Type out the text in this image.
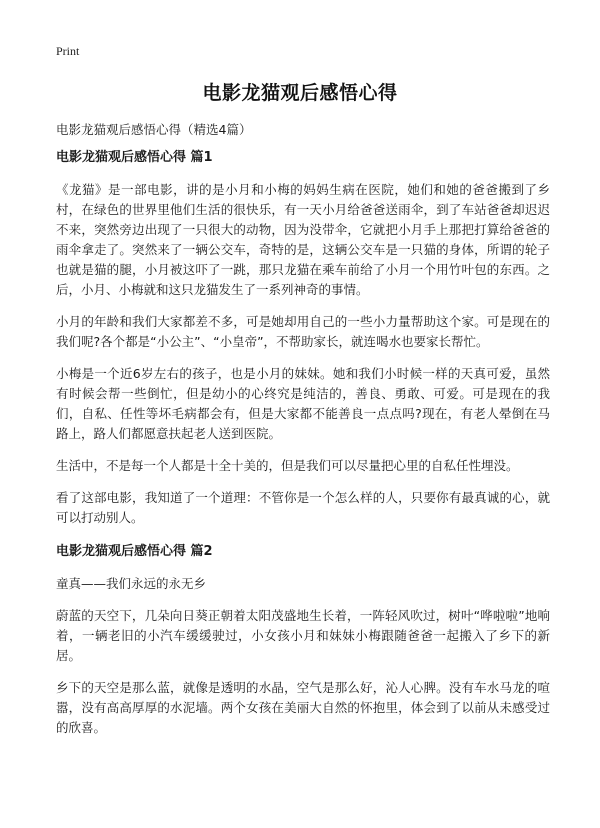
Print
电影龙猫观后感悟心得

电影龙猫观后感悟心得（精选4篇）

电影龙猫观后感悟心得 篇1

《龙猫》是一部电影，讲的是小月和小梅的妈妈生病在医院，她们和她的爸爸搬到了乡村，在绿色的世界里他们生活的很快乐，有一天小月给爸爸送雨伞，到了车站爸爸却迟迟不来，突然旁边出现了一只很大的动物，因为没带伞，它就把小月手上那把打算给爸爸的雨伞拿走了。突然来了一辆公交车，奇特的是，这辆公交车是一只猫的身体，所谓的轮子也就是猫的腿，小月被这吓了一跳，那只龙猫在乘车前给了小月一个用竹叶包的东西。之后，小月、小梅就和这只龙猫发生了一系列神奇的事情。

小月的年龄和我们大家都差不多，可是她却用自己的一些小力量帮助这个家。可是现在的我们呢?各个都是“小公主”、“小皇帝”，不帮助家长，就连喝水也要家长帮忙。

小梅是一个近6岁左右的孩子，也是小月的妹妹。她和我们小时候一样的天真可爱，虽然有时候会帮一些倒忙，但是幼小的心终究是纯洁的，善良、勇敢、可爱。可是现在的我们，自私、任性等坏毛病都会有，但是大家都不能善良一点点吗?现在，有老人晕倒在马路上，路人们都愿意扶起老人送到医院。

生活中，不是每一个人都是十全十美的，但是我们可以尽量把心里的自私任性埋没。

看了这部电影，我知道了一个道理：不管你是一个怎么样的人，只要你有最真诚的心，就可以打动别人。

电影龙猫观后感悟心得 篇2

童真——我们永远的永无乡

蔚蓝的天空下，几朵向日葵正朝着太阳茂盛地生长着，一阵轻风吹过，树叶“哗啦啦”地响着，一辆老旧的小汽车缓缓驶过，小女孩小月和妹妹小梅跟随爸爸一起搬入了乡下的新居。

乡下的天空是那么蓝，就像是透明的水晶，空气是那么好，沁人心脾。没有车水马龙的喧嚣，没有高高厚厚的水泥墙。两个女孩在美丽大自然的怀抱里，体会到了以前从未感受过的欣喜。
